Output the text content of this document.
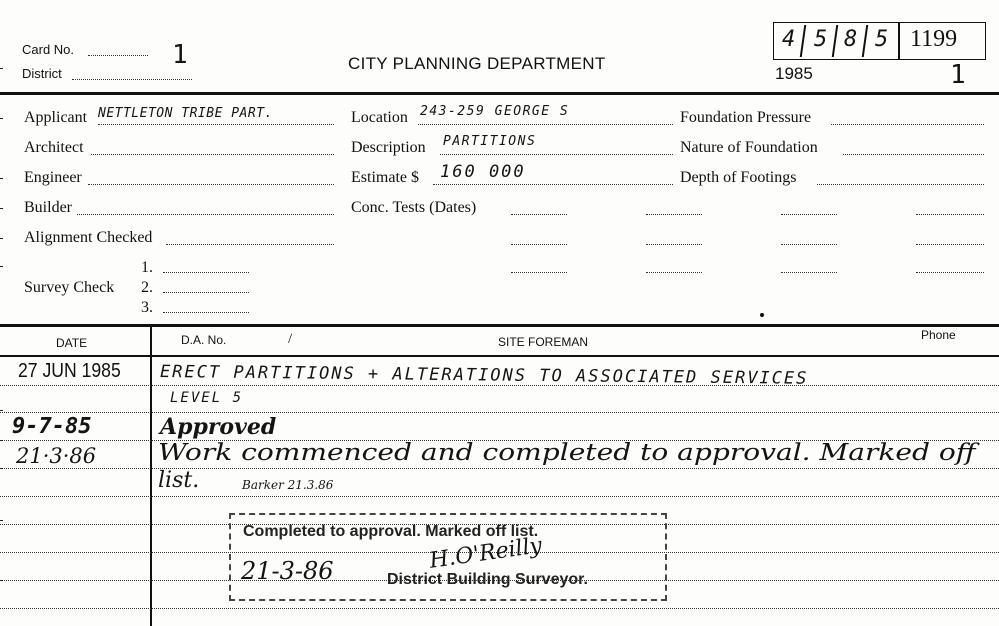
Card No.	1
District
CITY PLANNING DEPARTMENT
4 5 8 5 1199
1985	1
Applicant NETTLETON TRIBE PART.
Architect
Engineer
Builder
Alignment Checked
Survey Check
1.
2.
3.
Location 243-259 GEORGE S
Description PARTITIONS
Estimate $ 160 000
Conc. Tests (Dates)
Foundation Pressure
Nature of Foundation
Depth of Footings
DATE	D.A. No.	/	SITE FOREMAN	Phone
27 JUN 1985 ERECT PARTITIONS + ALTERATIONS TO ASSOCIATED SERVICES
LEVEL 5
9-7-85	Approved
21·3·86	Work commenced and completed to approval. Marked off
list.	Barker 21.3.86
Completed to approval. Marked off list.
21-3-86	H.O'Reilly
District Building Surveyor.
